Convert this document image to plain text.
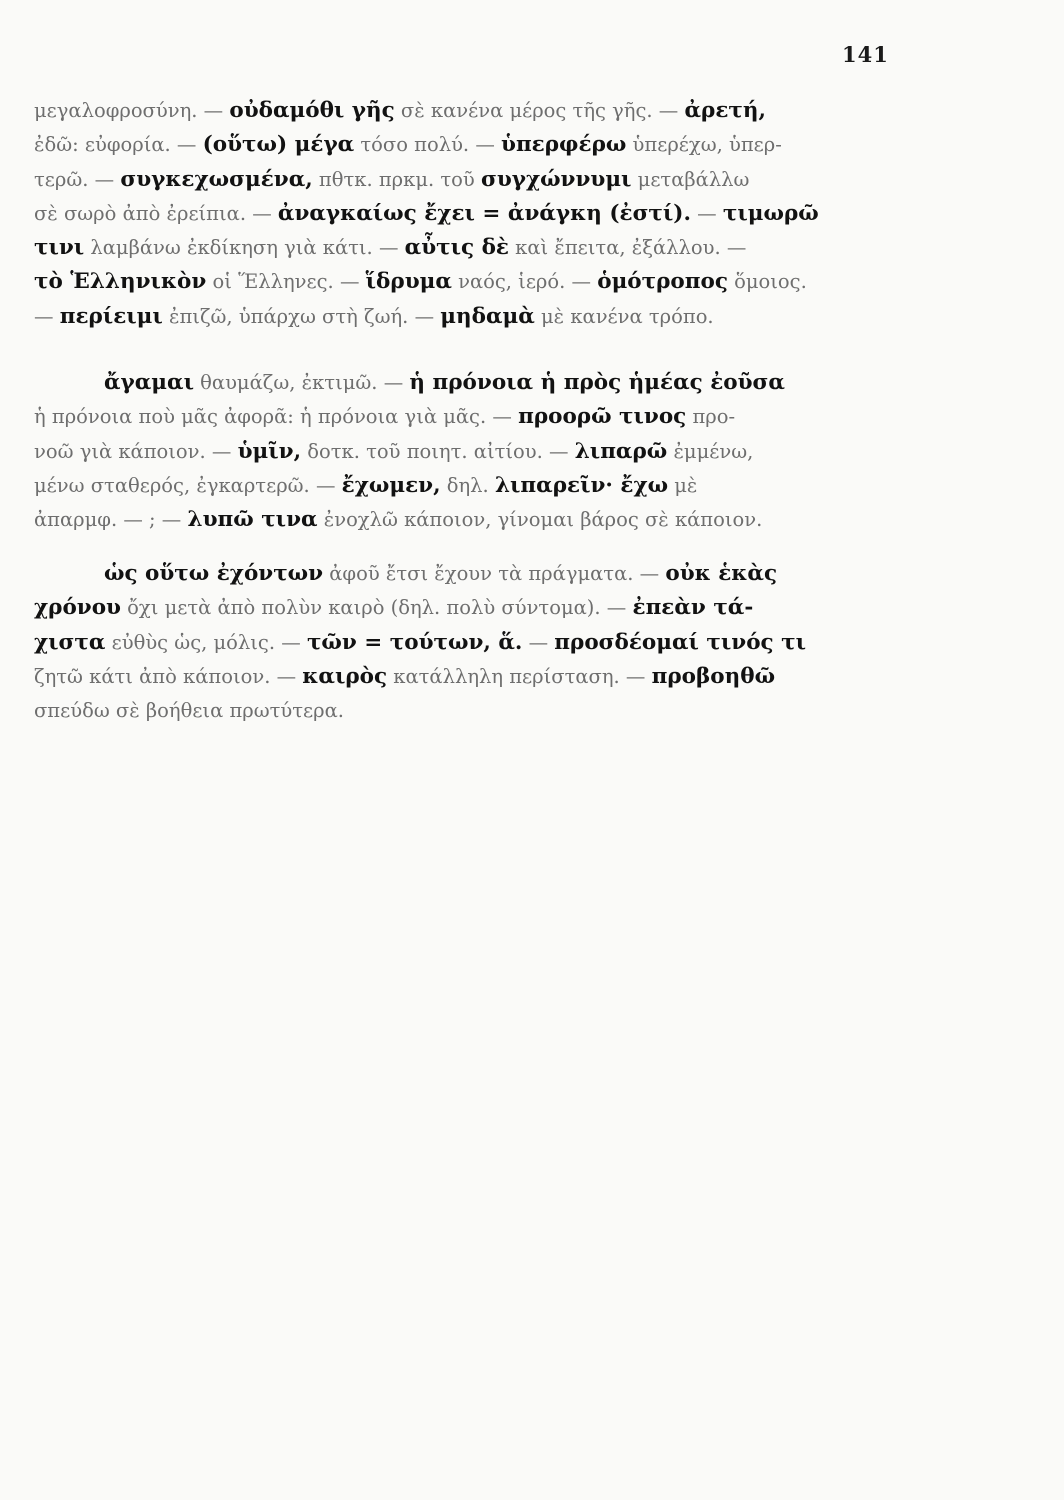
141
μεγαλοφροσύνη. — οὐδαμόθι γῆς σὲ κανένα μέρος τῆς γῆς. — ἀρετή,
ἐδῶ: εὐφορία. — (οὕτω) μέγα τόσο πολύ. — ὑπερφέρω ὑπερέχω, ὑπερ-
τερῶ. — συγκεχωσμένα, πθτκ. πρκμ. τοῦ συγχώννυμι μεταβάλλω
σὲ σωρὸ ἀπὸ ἐρείπια. — ἀναγκαίως ἔχει = ἀνάγκη (ἐστί). — τιμωρῶ
τινι λαμβάνω ἐκδίκηση γιὰ κάτι. — αὖτις δὲ καὶ ἔπειτα, ἐξάλλου. —
τὸ Ἑλληνικὸν οἱ Ἕλληνες. — ἵδρυμα ναός, ἱερό. — ὁμότροπος ὅμοιος.
— περίειμι ἐπιζῶ, ὑπάρχω στὴ ζωή. — μηδαμὰ μὲ κανένα τρόπο.
ἄγαμαι θαυμάζω, ἐκτιμῶ. — ἡ πρόνοια ἡ πρὸς ἡμέας ἐοῦσα
ἡ πρόνοια ποὺ μᾶς ἀφορᾶ: ἡ πρόνοια γιὰ μᾶς. — προορῶ τινος προ-
νοῶ γιὰ κάποιον. — ὑμῖν, δοτκ. τοῦ ποιητ. αἰτίου. — λιπαρῶ ἐμμένω,
μένω σταθερός, ἐγκαρτερῶ. — ἔχωμεν, δηλ. λιπαρεῖν· ἔχω μὲ
ἀπαρμφ. — ; — λυπῶ τινα ἐνοχλῶ κάποιον, γίνομαι βάρος σὲ κάποιον.
ὡς οὕτω ἐχόντων ἀφοῦ ἔτσι ἔχουν τὰ πράγματα. — οὐκ ἑκὰς
χρόνου ὄχι μετὰ ἀπὸ πολὺν καιρὸ (δηλ. πολὺ σύντομα). — ἐπεὰν τά-
χιστα εὐθὺς ὡς, μόλις. — τῶν = τούτων, ἅ. — προσδέομαί τινός τι
ζητῶ κάτι ἀπὸ κάποιον. — καιρὸς κατάλληλη περίσταση. — προβοηθῶ
σπεύδω σὲ βοήθεια πρωτύτερα.
